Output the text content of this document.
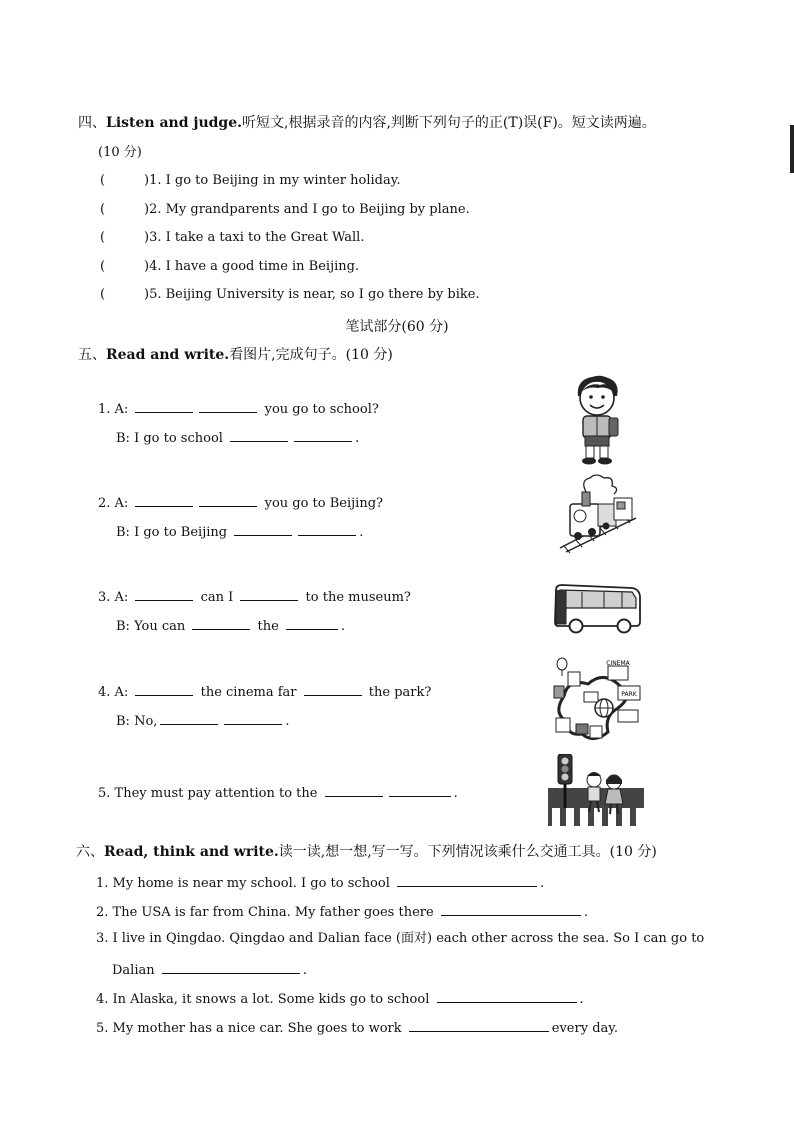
四、Listen and judge.听短文,根据录音的内容,判断下列句子的正(T)误(F)。短文读两遍。
(10 分)
(	)1. I go to Beijing in my winter holiday.
(	)2. My grandparents and I go to Beijing by plane.
(	)3. I take a taxi to the Great Wall.
(	)4. I have a good time in Beijing.
(	)5. Beijing University is near, so I go there by bike.
笔试部分(60 分)
五、Read and write.看图片,完成句子。(10 分)
1. A:	you go to school?
B: I go to school	.
2. A:	you go to Beijing?
B: I go to Beijing	.
3. A:	can I	to the museum?
B: You can	the	.
4. A:	the cinema far	the park?
B: No,	.
5. They must pay attention to the	.
CINEMA
PARK
六、Read, think and write.读一读,想一想,写一写。下列情况该乘什么交通工具。(10 分)
1. My home is near my school. I go to school	.
2. The USA is far from China. My father goes there	.
3. I live in Qingdao. Qingdao and Dalian face (面对) each other across the sea. So I can go to
Dalian	.
4. In Alaska, it snows a lot. Some kids go to school	.
5. My mother has a nice car. She goes to work	every day.
